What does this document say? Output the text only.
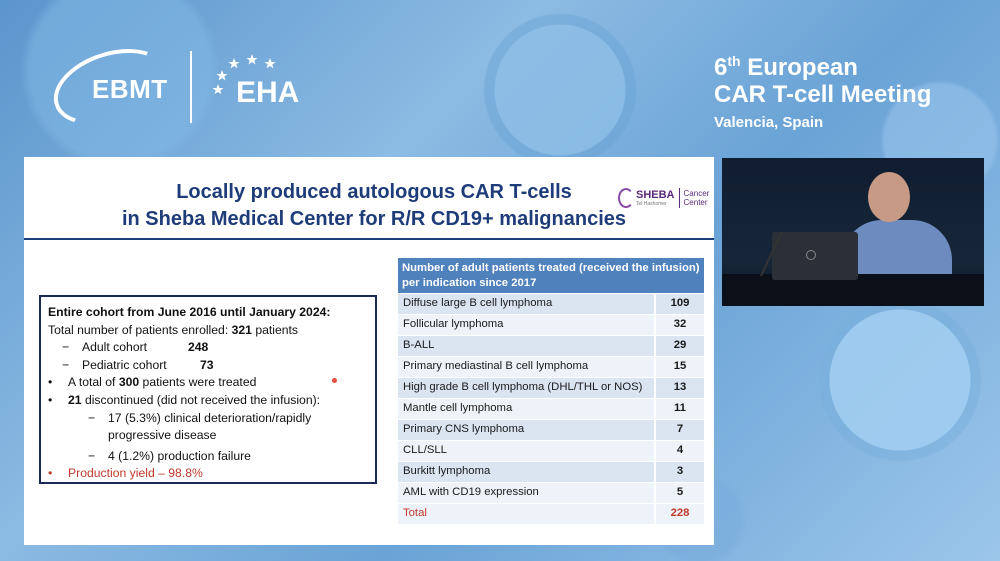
EBMT EHA
6th European
CAR T-cell Meeting
Valencia, Spain
Locally produced autologous CAR T-cells
in Sheba Medical Center for R/R CD19+ malignancies
SHEBA
Tel Hashomer
Cancer
Center
Entire cohort from June 2016 until January 2024:
Total number of patients enrolled: 321 patients
− Adult cohort	248
− Pediatric cohort	73
• A total of 300 patients were treated
• 21 discontinued (did not received the infusion):
− 17 (5.3%) clinical deterioration/rapidly
progressive disease
− 4 (1.2%) production failure
• Production yield – 98.8%
Number of adult patients treated (received the infusion) per indication since 2017
Diffuse large B cell lymphoma	109
Follicular lymphoma	32
B-ALL	29
Primary mediastinal B cell lymphoma	15
High grade B cell lymphoma (DHL/THL or NOS)	13
Mantle cell lymphoma	11
Primary CNS lymphoma	7
CLL/SLL	4
Burkitt lymphoma	3
AML with CD19 expression	5
Total	228
